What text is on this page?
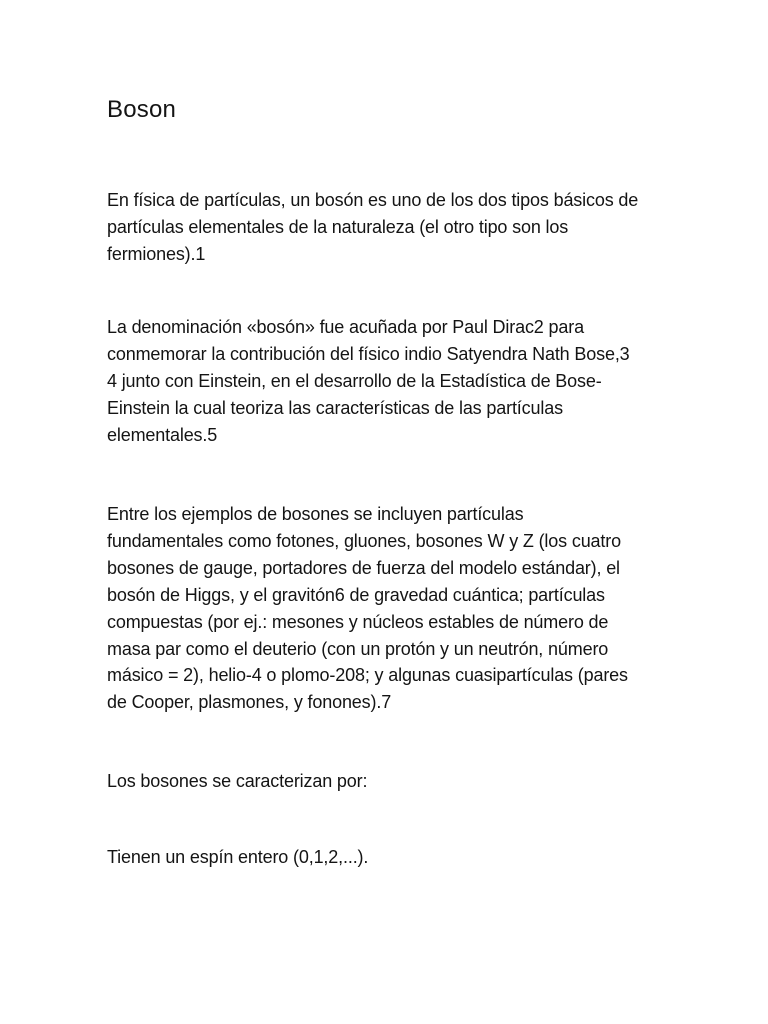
Boson

En física de partículas, un bosón es uno de los dos tipos básicos de
partículas elementales de la naturaleza (el otro tipo son los
fermiones).1

La denominación «bosón» fue acuñada por Paul Dirac2 para
conmemorar la contribución del físico indio Satyendra Nath Bose,3
4 junto con Einstein, en el desarrollo de la Estadística de Bose-
Einstein la cual teoriza las características de las partículas
elementales.5

Entre los ejemplos de bosones se incluyen partículas
fundamentales como fotones, gluones, bosones W y Z (los cuatro
bosones de gauge, portadores de fuerza del modelo estándar), el
bosón de Higgs, y el gravitón6 de gravedad cuántica; partículas
compuestas (por ej.: mesones y núcleos estables de número de
masa par como el deuterio (con un protón y un neutrón, número
másico = 2), helio-4 o plomo-208; y algunas cuasipartículas (pares
de Cooper, plasmones, y fonones).7

Los bosones se caracterizan por:

Tienen un espín entero (0,1,2,...).
